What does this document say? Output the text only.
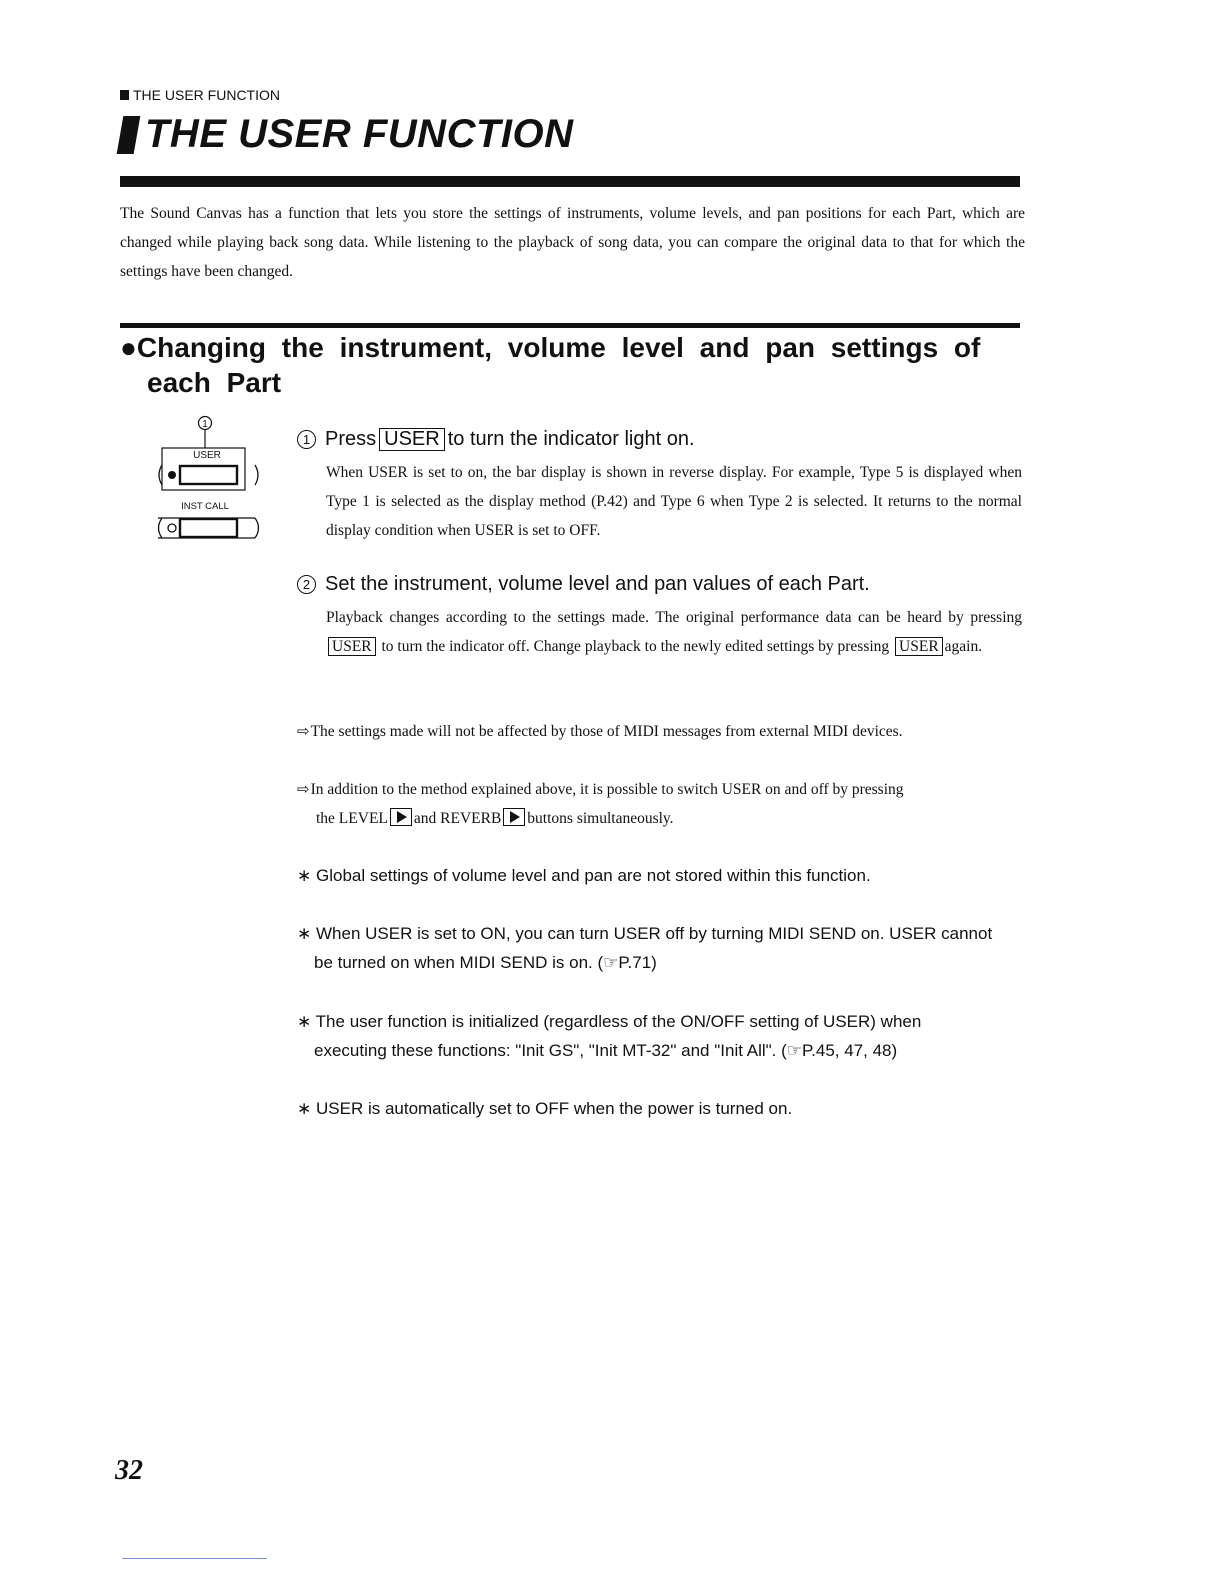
THE USER FUNCTION
THE USER FUNCTION
The Sound Canvas has a function that lets you store the settings of instruments, volume levels, and pan positions for each Part, which are changed while playing back song data. While listening to the playback of song data, you can compare the original data to that for which the settings have been changed.
●Changing the instrument, volume level and pan settings of
each Part
1
USER
INST CALL
1 Press USER to turn the indicator light on.
When USER is set to on, the bar display is shown in reverse display. For example, Type 5 is displayed when Type 1 is selected as the display method (P.42) and Type 6 when Type 2 is selected. It returns to the normal display condition when USER is set to OFF.
2 Set the instrument, volume level and pan values of each Part.
Playback changes according to the settings made. The original performance data can be heard by pressing USER to turn the indicator off. Change playback to the newly edited settings by pressing USER again.
⇨The settings made will not be affected by those of MIDI messages from external MIDI devices.
⇨In addition to the method explained above, it is possible to switch USER on and off by pressing
the LEVEL and REVERB buttons simultaneously.
∗ Global settings of volume level and pan are not stored within this function.
∗ When USER is set to ON, you can turn USER off by turning MIDI SEND on. USER cannot
be turned on when MIDI SEND is on. (☞P.71)
∗ The user function is initialized (regardless of the ON/OFF setting of USER) when
executing these functions: "Init GS", "Init MT-32" and "Init All". (☞P.45, 47, 48)
∗ USER is automatically set to OFF when the power is turned on.
32
